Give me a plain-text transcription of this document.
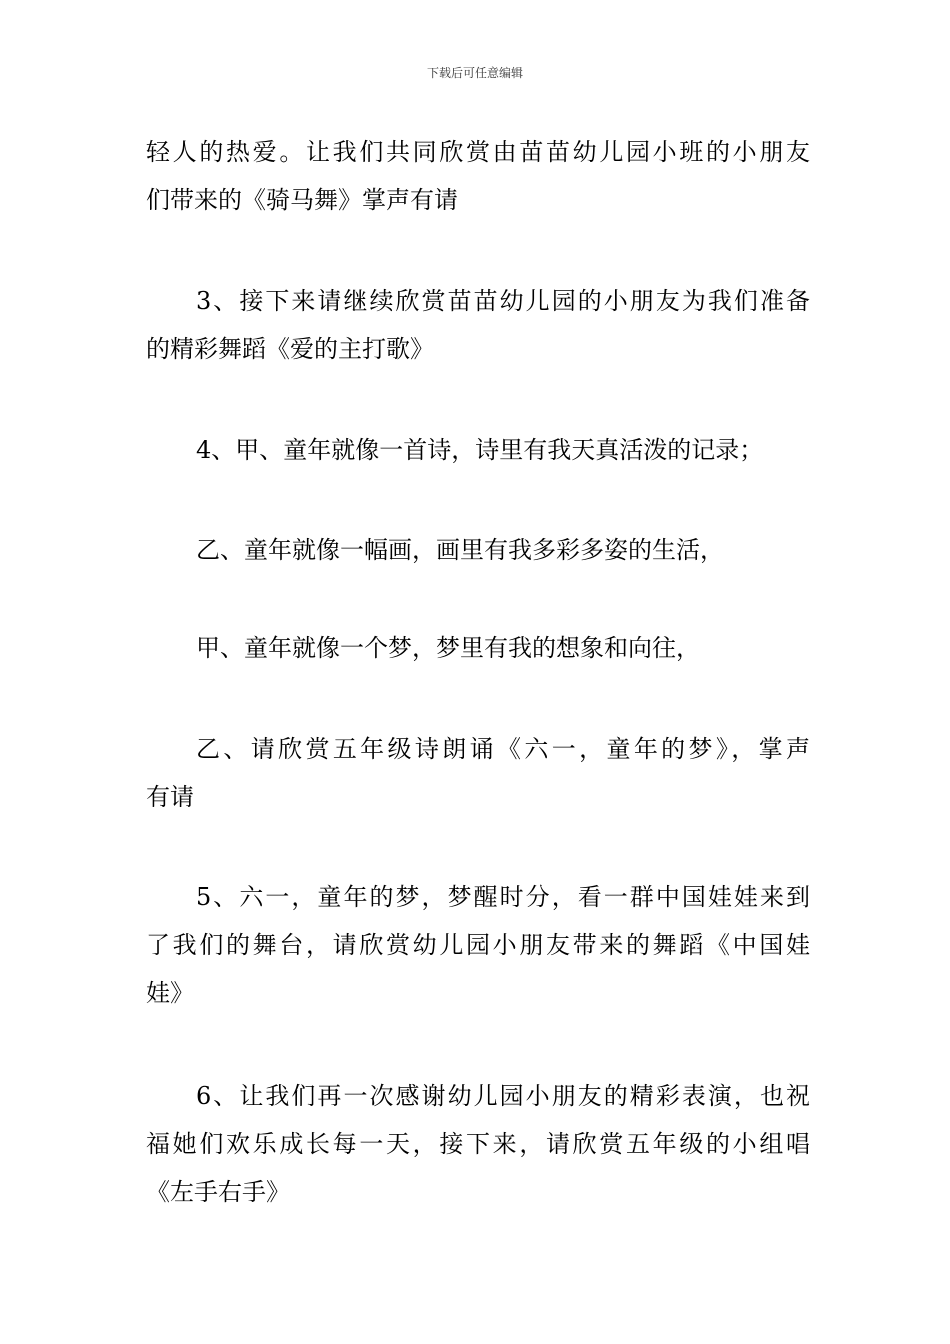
下载后可任意编辑
轻人的热爱。让我们共同欣赏由苗苗幼儿园小班的小朋友
们带来的《骑马舞》掌声有请
3、接下来请继续欣赏苗苗幼儿园的小朋友为我们准备
的精彩舞蹈《爱的主打歌》
4、甲、童年就像一首诗，诗里有我天真活泼的记录；
乙、童年就像一幅画，画里有我多彩多姿的生活，
甲、童年就像一个梦，梦里有我的想象和向往，
乙、请欣赏五年级诗朗诵《六一，童年的梦》，掌声
有请
5、六一，童年的梦，梦醒时分，看一群中国娃娃来到
了我们的舞台，请欣赏幼儿园小朋友带来的舞蹈《中国娃
娃》
6、让我们再一次感谢幼儿园小朋友的精彩表演，也祝
福她们欢乐成长每一天，接下来，请欣赏五年级的小组唱
《左手右手》
